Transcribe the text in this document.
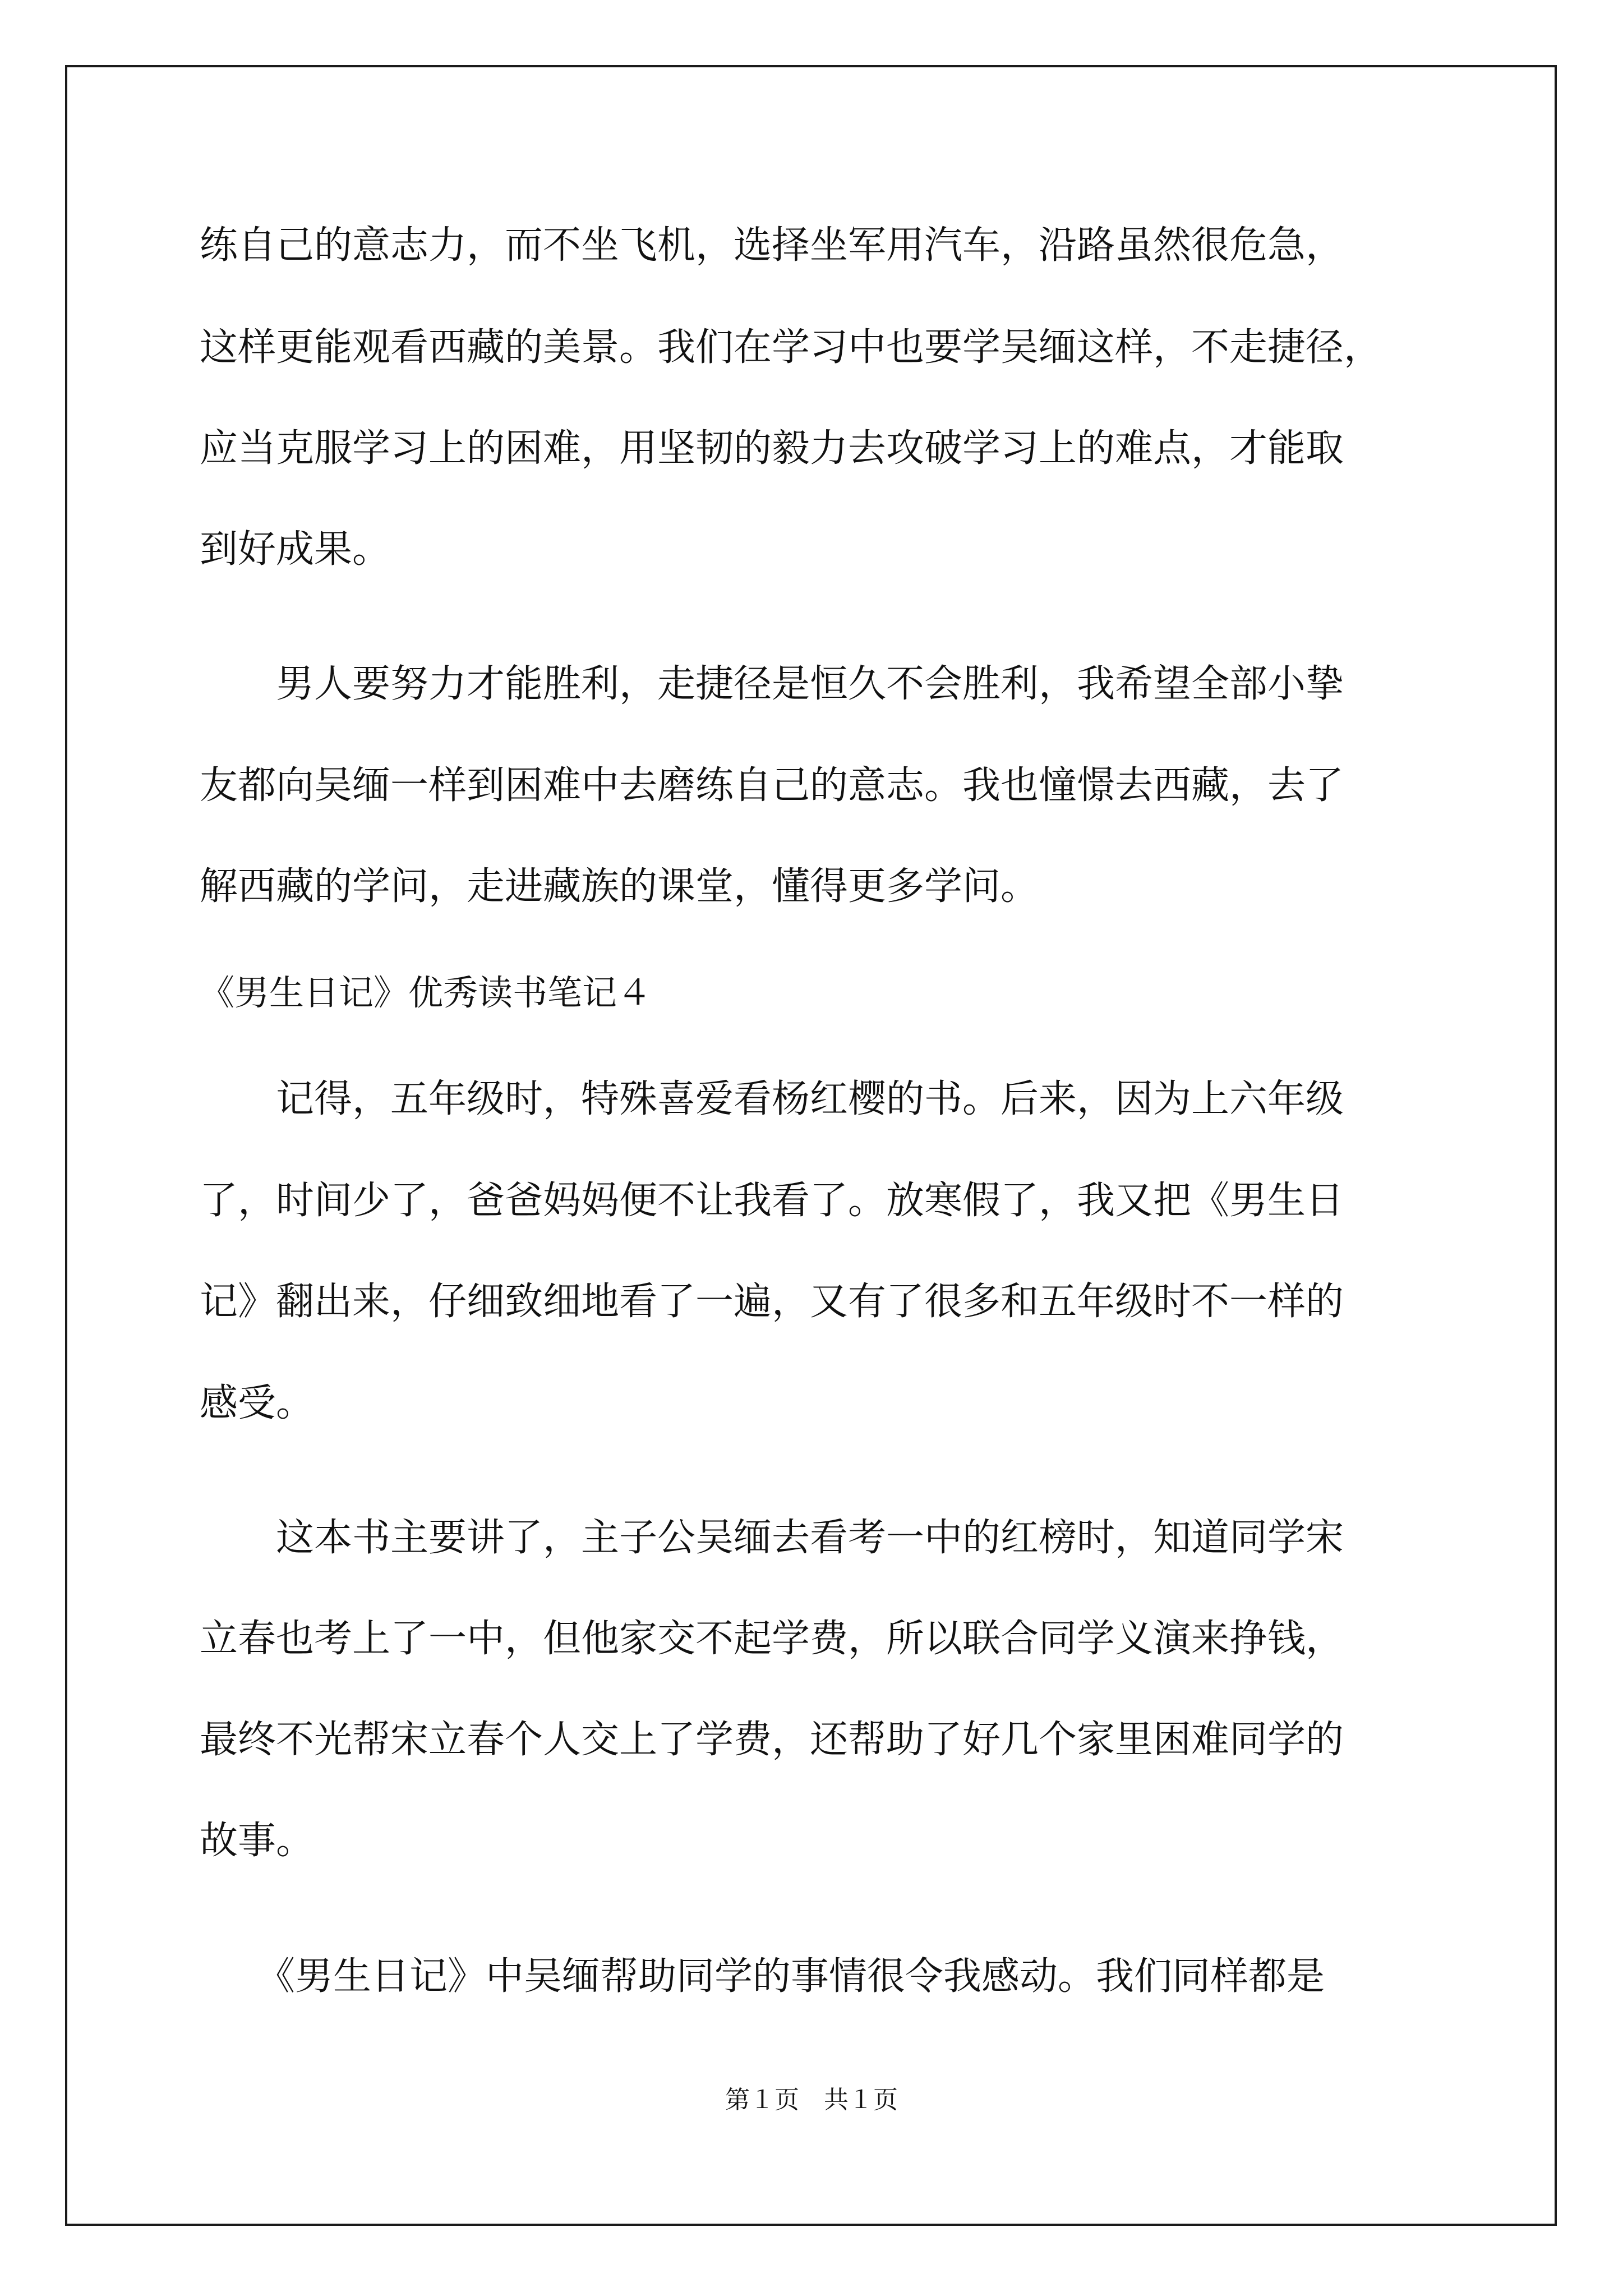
练自己的意志力，而不坐飞机，选择坐军用汽车，沿路虽然很危急，

这样更能观看西藏的美景。我们在学习中也要学吴缅这样，不走捷径，

应当克服学习上的困难，用坚韧的毅力去攻破学习上的难点，才能取

到好成果。

　　男人要努力才能胜利，走捷径是恒久不会胜利，我希望全部小挚

友都向吴缅一样到困难中去磨练自己的意志。我也憧憬去西藏，去了

解西藏的学问，走进藏族的课堂，懂得更多学问。

《男生日记》优秀读书笔记４

　　记得，五年级时，特殊喜爱看杨红樱的书。后来，因为上六年级

了，时间少了，爸爸妈妈便不让我看了。放寒假了，我又把《男生日

记》翻出来，仔细致细地看了一遍，又有了很多和五年级时不一样的

感受。

　　这本书主要讲了，主子公吴缅去看考一中的红榜时，知道同学宋

立春也考上了一中，但他家交不起学费，所以联合同学义演来挣钱，

最终不光帮宋立春个人交上了学费，还帮助了好几个家里困难同学的

故事。

　　《男生日记》中吴缅帮助同学的事情很令我感动。我们同样都是

第１页　共１页
